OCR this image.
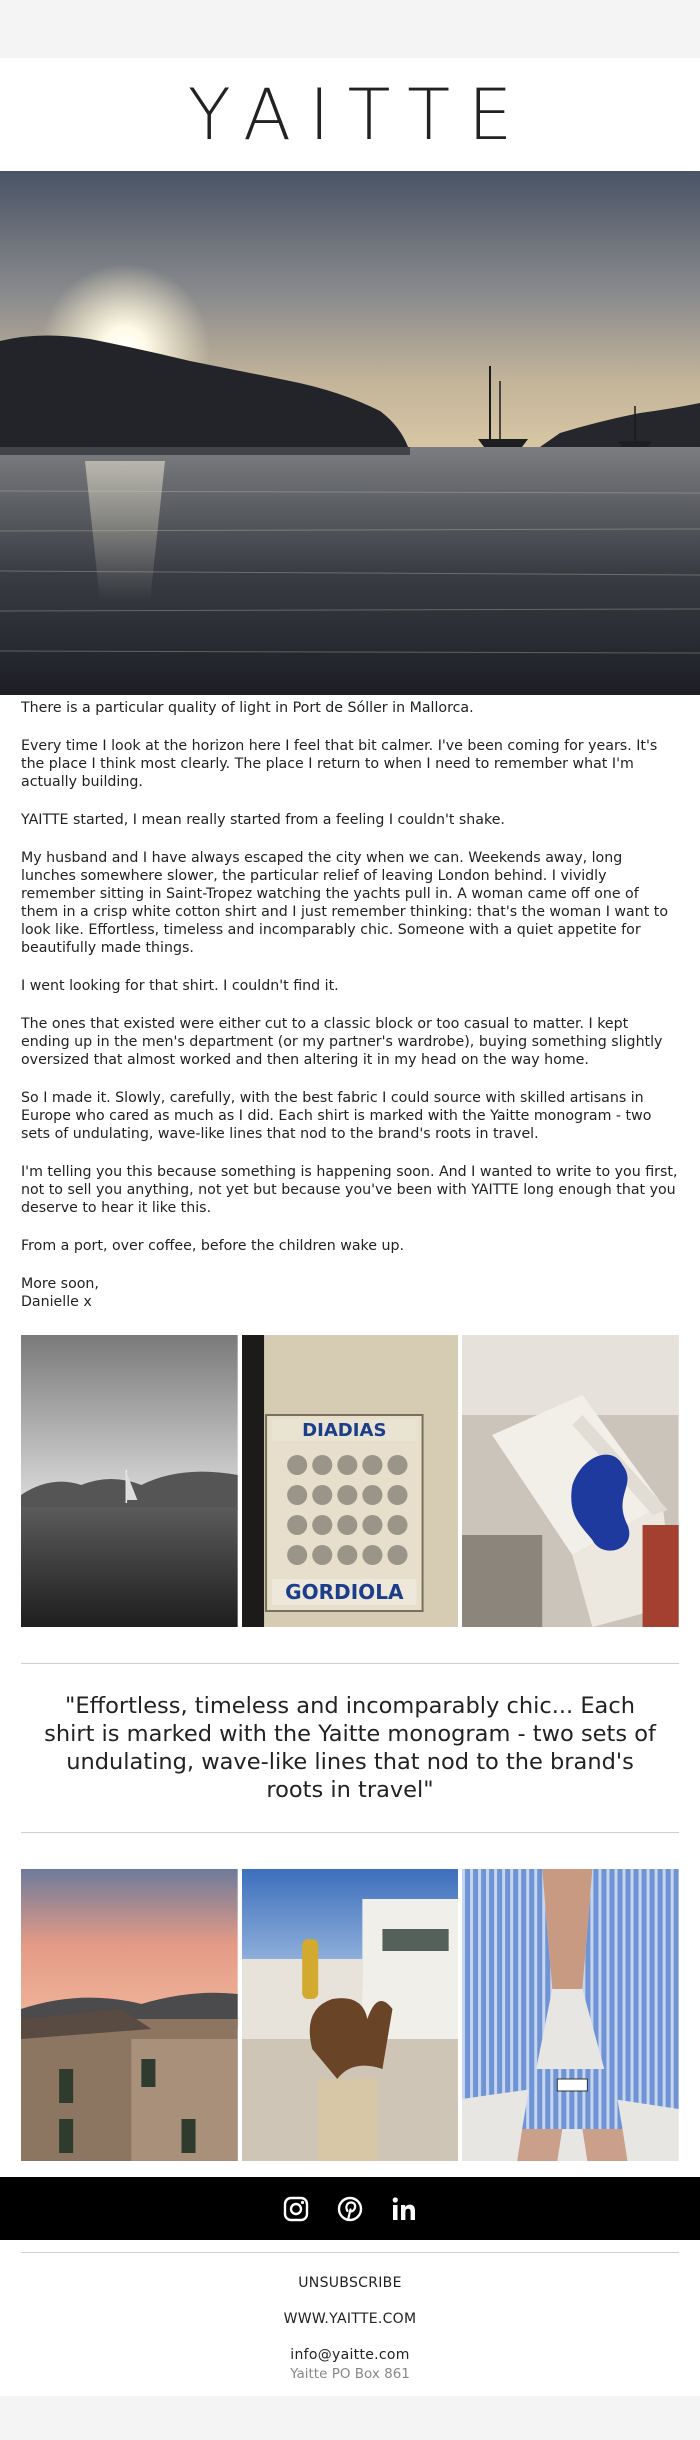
YAITTE

There is a particular quality of light in Port de Sóller in Mallorca.

Every time I look at the horizon here I feel that bit calmer. I've been coming for years. It's the place I think most clearly. The place I return to when I need to remember what I'm actually building.

YAITTE started, I mean really started from a feeling I couldn't shake.

My husband and I have always escaped the city when we can. Weekends away, long lunches somewhere slower, the particular relief of leaving London behind. I vividly remember sitting in Saint-Tropez watching the yachts pull in. A woman came off one of them in a crisp white cotton shirt and I just remember thinking: that's the woman I want to look like. Effortless, timeless and incomparably chic. Someone with a quiet appetite for beautifully made things.

I went looking for that shirt. I couldn't find it.

The ones that existed were either cut to a classic block or too casual to matter. I kept ending up in the men's department (or my partner's wardrobe), buying something slightly oversized that almost worked and then altering it in my head on the way home.

So I made it. Slowly, carefully, with the best fabric I could source with skilled artisans in Europe who cared as much as I did. Each shirt is marked with the Yaitte monogram - two sets of undulating, wave-like lines that nod to the brand's roots in travel.

I'm telling you this because something is happening soon. And I wanted to write to you first, not to sell you anything, not yet but because you've been with YAITTE long enough that you deserve to hear it like this.

From a port, over coffee, before the children wake up.

More soon,
Danielle x

DIADIAS
GORDIOLA
"Effortless, timeless and incomparably chic... Each shirt is marked with the Yaitte monogram - two sets of undulating, wave-like lines that nod to the brand's roots in travel"
UNSUBSCRIBE
WWW.YAITTE.COM
info@yaitte.com
Yaitte PO Box 861
